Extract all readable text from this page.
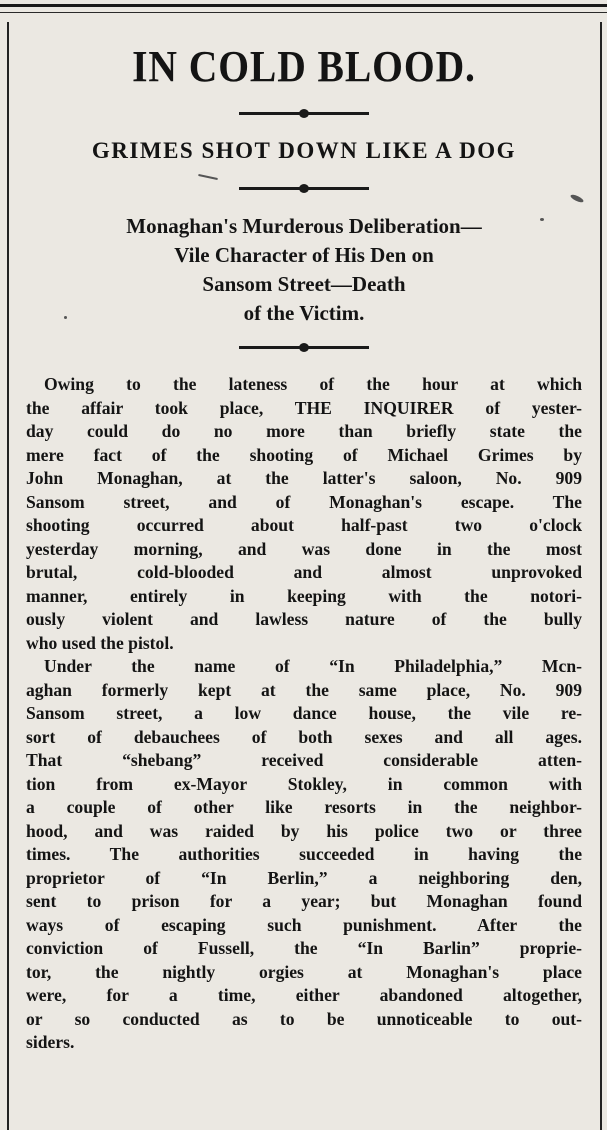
IN COLD BLOOD.
GRIMES SHOT DOWN LIKE A DOG
Monaghan's Murderous Deliberation—
Vile Character of His Den on
Sansom Street—Death
of the Victim.

Owing to the lateness of the hour at which
the affair took place, THE INQUIRER of yester-
day could do no more than briefly state the
mere fact of the shooting of Michael Grimes by
John Monaghan, at the latter's saloon, No. 909
Sansom street, and of Monaghan's escape. The
shooting occurred about half-past two o'clock
yesterday morning, and was done in the most
brutal, cold-blooded and almost unprovoked
manner, entirely in keeping with the notori-
ously violent and lawless nature of the bully
who used the pistol.

Under the name of “In Philadelphia,” Mcn-
aghan formerly kept at the same place, No. 909
Sansom street, a low dance house, the vile re-
sort of debauchees of both sexes and all ages.
That “shebang” received considerable atten-
tion from ex-Mayor Stokley, in common with
a couple of other like resorts in the neighbor-
hood, and was raided by his police two or three
times. The authorities succeeded in having the
proprietor of “In Berlin,” a neighboring den,
sent to prison for a year; but Monaghan found
ways of escaping such punishment. After the
conviction of Fussell, the “In Barlin” proprie-
tor, the nightly orgies at Monaghan's place
were, for a time, either abandoned altogether,
or so conducted as to be unnoticeable to out-
siders.
